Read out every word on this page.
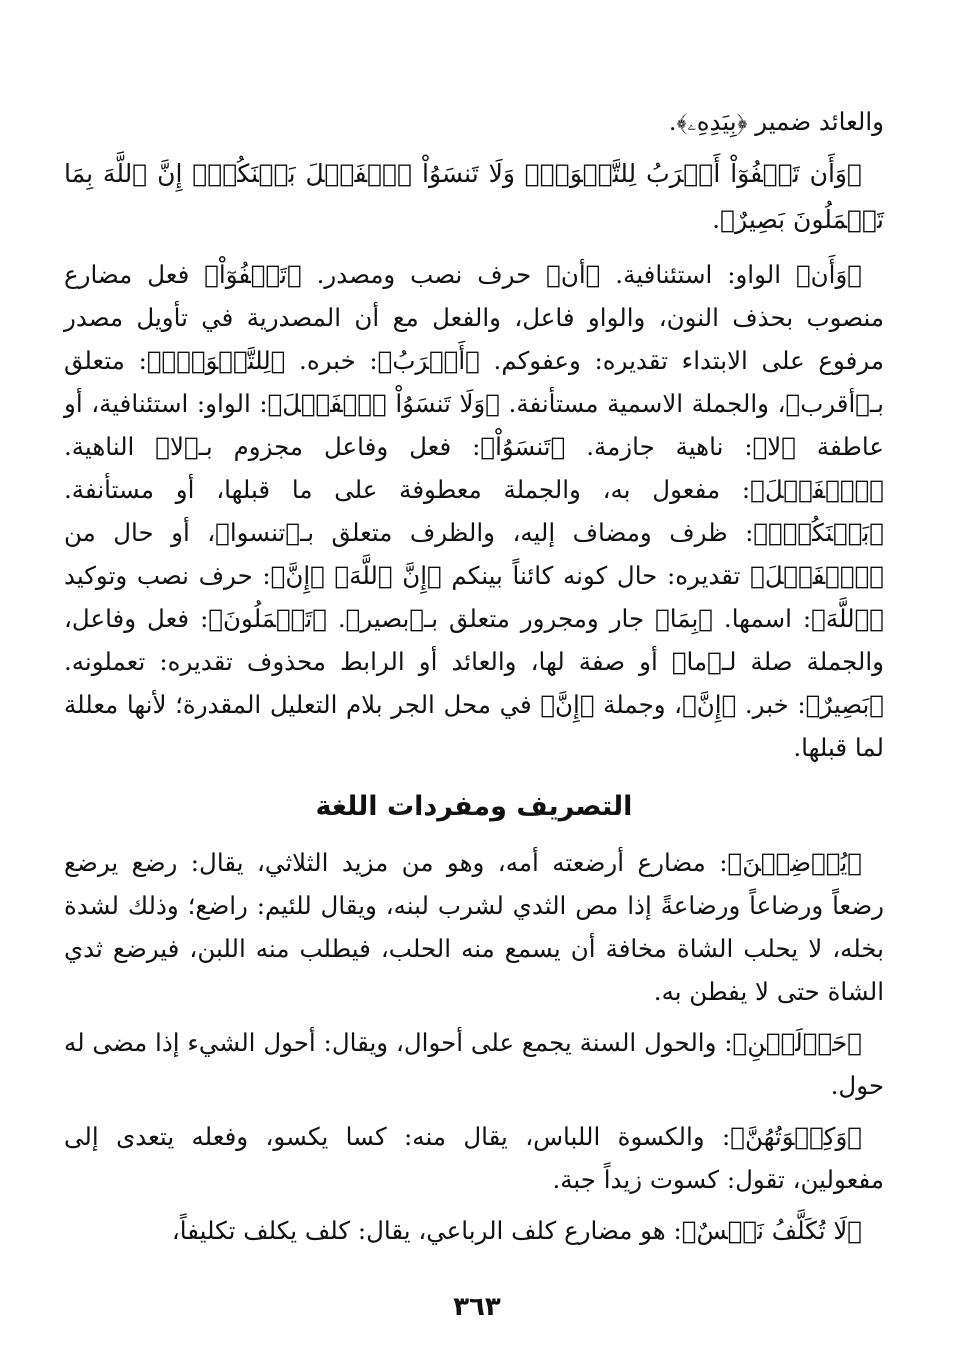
والعائد ضمير ﴿بِيَدِهِۦ﴾.

﴿وَأَن تَعۡفُوٓاْ أَقۡرَبُ لِلتَّقۡوَىٰۚ وَلَا تَنسَوُاْ ٱلۡفَضۡلَ بَيۡنَكُمۡۚ إِنَّ ٱللَّهَ بِمَا تَعۡمَلُونَ بَصِيرٌ﴾.

﴿وَأَن﴾ الواو: استئنافية. ﴿أن﴾ حرف نصب ومصدر. ﴿تَعۡفُوٓاْ﴾ فعل مضارع منصوب بحذف النون، والواو فاعل، والفعل مع أن المصدرية في تأويل مصدر مرفوع على الابتداء تقديره: وعفوكم. ﴿أَقۡرَبُ﴾: خبره. ﴿لِلتَّقۡوَىٰۚ﴾: متعلق بـ﴿أقرب﴾، والجملة الاسمية مستأنفة. ﴿وَلَا تَنسَوُاْ ٱلۡفَضۡلَ﴾: الواو: استئنافية، أو عاطفة ﴿لا﴾: ناهية جازمة. ﴿تَنسَوُاْ﴾: فعل وفاعل مجزوم بـ﴿لا﴾ الناهية. ﴿ٱلۡفَضۡلَ﴾: مفعول به، والجملة معطوفة على ما قبلها، أو مستأنفة. ﴿بَيۡنَكُمۡۚ﴾: ظرف ومضاف إليه، والظرف متعلق بـ﴿تنسوا﴾، أو حال من ﴿ٱلۡفَضۡلَ﴾ تقديره: حال كونه كائناً بينكم ﴿إِنَّ ٱللَّهَ﴾ ﴿إِنَّ﴾: حرف نصب وتوكيد ﴿ٱللَّهَ﴾: اسمها. ﴿بِمَا﴾ جار ومجرور متعلق بـ﴿بصير﴾. ﴿تَعۡمَلُونَ﴾: فعل وفاعل، والجملة صلة لـ﴿ما﴾ أو صفة لها، والعائد أو الرابط محذوف تقديره: تعملونه. ﴿بَصِيرٌ﴾: خبر. ﴿إِنَّ﴾، وجملة ﴿إِنَّ﴾ في محل الجر بلام التعليل المقدرة؛ لأنها معللة لما قبلها.

التصريف ومفردات اللغة

﴿يُرۡضِعۡنَ﴾: مضارع أرضعته أمه، وهو من مزيد الثلاثي، يقال: رضع يرضع رضعاً ورضاعاً ورضاعةً إذا مص الثدي لشرب لبنه، ويقال للئيم: راضع؛ وذلك لشدة بخله، لا يحلب الشاة مخافة أن يسمع منه الحلب، فيطلب منه اللبن، فيرضع ثدي الشاة حتى لا يفطن به.

﴿حَوۡلَيۡنِ﴾: والحول السنة يجمع على أحوال، ويقال: أحول الشيء إذا مضى له حول.

﴿وَكِسۡوَتُهُنَّ﴾: والكسوة اللباس، يقال منه: كسا يكسو، وفعله يتعدى إلى مفعولين، تقول: كسوت زيداً جبة.

﴿لَا تُكَلَّفُ نَفۡسٌ﴾: هو مضارع كلف الرباعي، يقال: كلف يكلف تكليفاً،

٣٦٣
